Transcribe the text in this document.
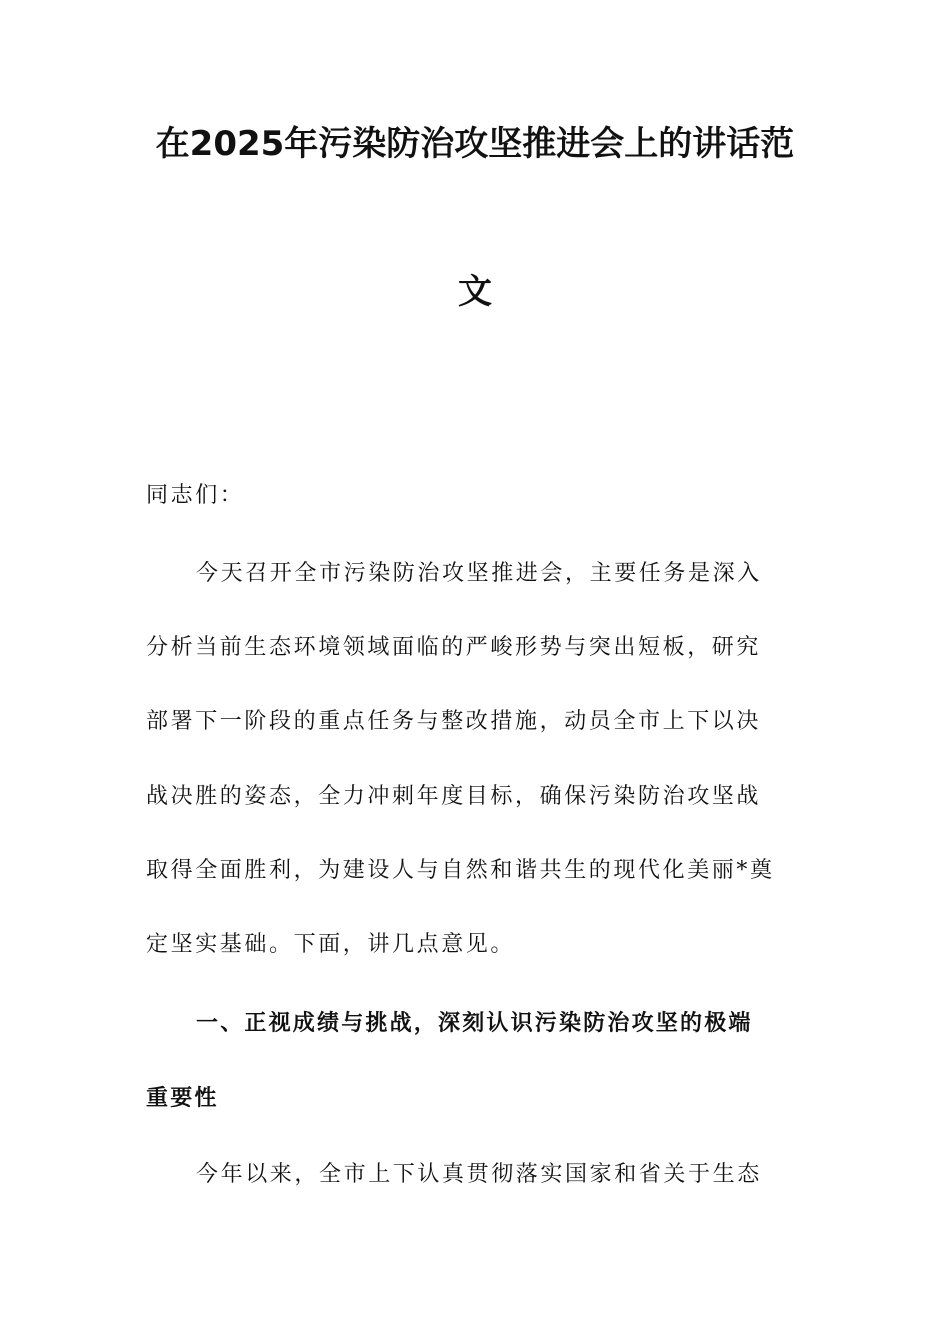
在2025年污染防治攻坚推进会上的讲话范
文
同志们：
今天召开全市污染防治攻坚推进会，主要任务是深入
分析当前生态环境领域面临的严峻形势与突出短板，研究
部署下一阶段的重点任务与整改措施，动员全市上下以决
战决胜的姿态，全力冲刺年度目标，确保污染防治攻坚战
取得全面胜利，为建设人与自然和谐共生的现代化美丽*奠
定坚实基础。下面，讲几点意见。
一、正视成绩与挑战，深刻认识污染防治攻坚的极端
重要性
今年以来，全市上下认真贯彻落实国家和省关于生态
